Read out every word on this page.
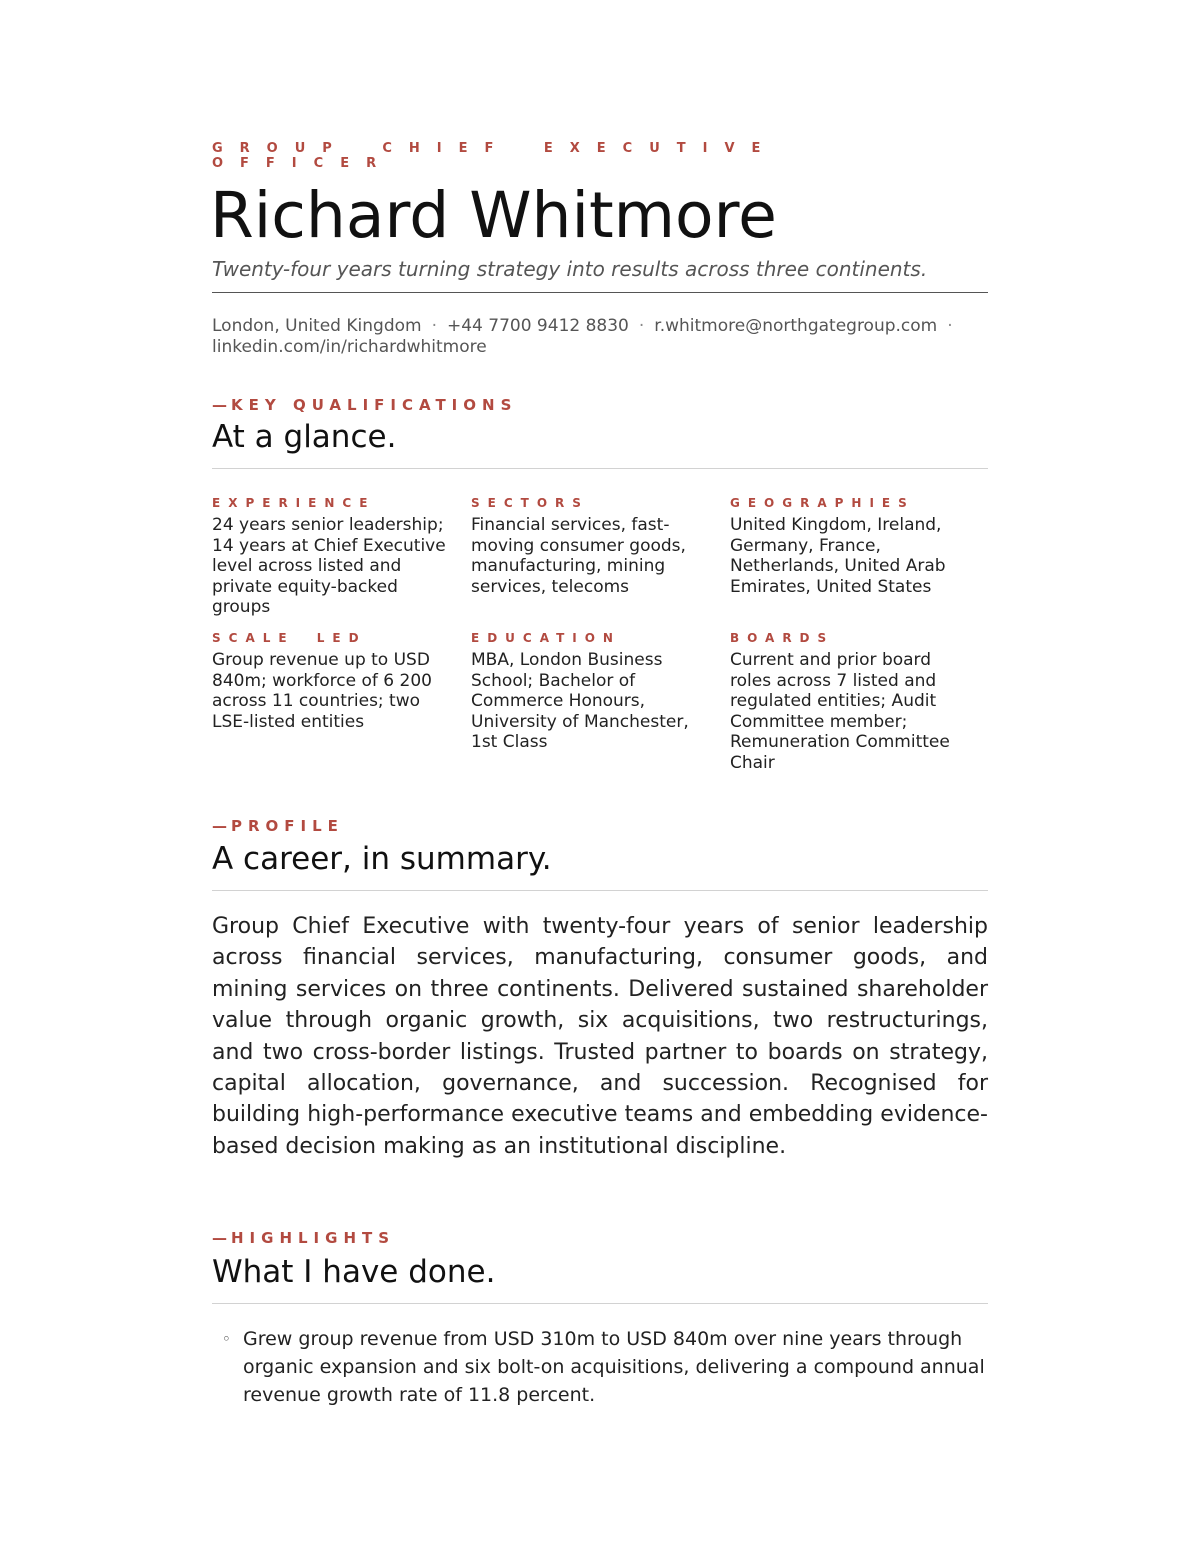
GROUP CHIEF EXECUTIVE OFFICER
Richard Whitmore
Twenty-four years turning strategy into results across three continents.
London, United Kingdom · +44 7700 9412 8830 · r.whitmore@northgategroup.com ·
linkedin.com/in/richardwhitmore
— KEY QUALIFICATIONS
At a glance.
EXPERIENCE
24 years senior leadership; 14 years at Chief Executive level across listed and private equity-backed groups
SECTORS
Financial services, fast-moving consumer goods, manufacturing, mining services, telecoms
GEOGRAPHIES
United Kingdom, Ireland, Germany, France, Netherlands, United Arab Emirates, United States
SCALE LED
Group revenue up to USD 840m; workforce of 6 200 across 11 countries; two LSE-listed entities
EDUCATION
MBA, London Business School; Bachelor of Commerce Honours, University of Manchester, 1st Class
BOARDS
Current and prior board roles across 7 listed and regulated entities; Audit Committee member; Remuneration Committee Chair
— PROFILE
A career, in summary.
Group Chief Executive with twenty-four years of senior leadership across financial services, manufacturing, consumer goods, and mining services on three continents. Delivered sustained shareholder value through organic growth, six acquisitions, two restructurings, and two cross-border listings. Trusted partner to boards on strategy, capital allocation, governance, and succession. Recognised for building high-performance executive teams and embedding evidence-based decision making as an institutional discipline.
— HIGHLIGHTS
What I have done.
◦ Grew group revenue from USD 310m to USD 840m over nine years through organic expansion and six bolt-on acquisitions, delivering a compound annual revenue growth rate of 11.8 percent.
